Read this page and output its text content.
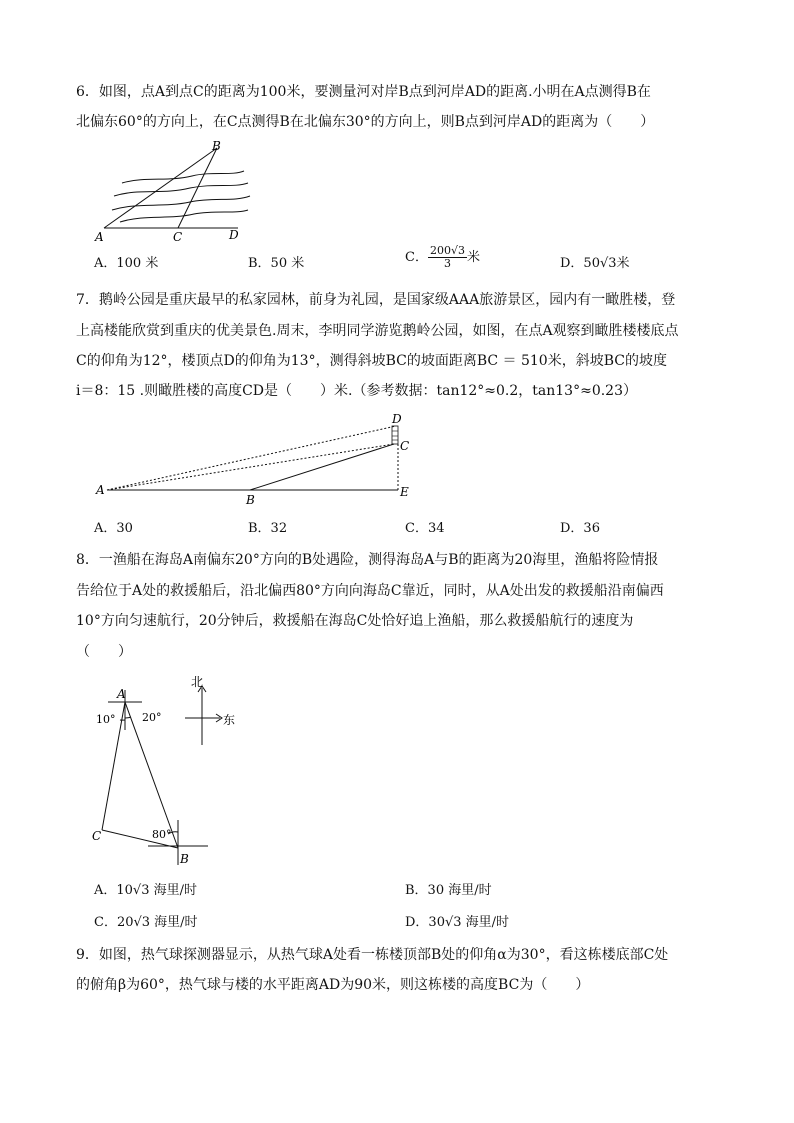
6．如图，点A到点C的距离为100米，要测量河对岸B点到河岸AD的距离.小明在A点测得B在
北偏东60°的方向上，在C点测得B在北偏东30°的方向上，则B点到河岸AD的距离为（　　）
B
A	C	D
A．100 米	B．50 米	C． $\frac{200√3}{3}$ 米	D．50√3米
7．鹅岭公园是重庆最早的私家园林，前身为礼园，是国家级AAA旅游景区，园内有一瞰胜楼，登
上高楼能欣赏到重庆的优美景色.周末，李明同学游览鹅岭公园，如图，在点A观察到瞰胜楼楼底点
C的仰角为12°，楼顶点D的仰角为13°，测得斜坡BC的坡面距离BC ＝ 510米，斜坡BC的坡度
i＝8：15 .则瞰胜楼的高度CD是（　　）米.（参考数据：tan12°≈0.2，tan13°≈0.23）
D
C
A
B
E
A．30	B．32	C．34	D．36
8．一渔船在海岛A南偏东20°方向的B处遇险，测得海岛A与B的距离为20海里，渔船将险情报
告给位于A处的救援船后，沿北偏西80°方向向海岛C靠近，同时，从A处出发的救援船沿南偏西
10°方向匀速航行，20分钟后，救援船在海岛C处恰好追上渔船，那么救援船航行的速度为
（　　）
A
10° 20°
C	80°
B
北
东
A．10√3 海里/时	B．30 海里/时
C．20√3 海里/时	D．30√3 海里/时
9．如图，热气球探测器显示，从热气球A处看一栋楼顶部B处的仰角α为30°，看这栋楼底部C处
的俯角β为60°，热气球与楼的水平距离AD为90米，则这栋楼的高度BC为（　　）
